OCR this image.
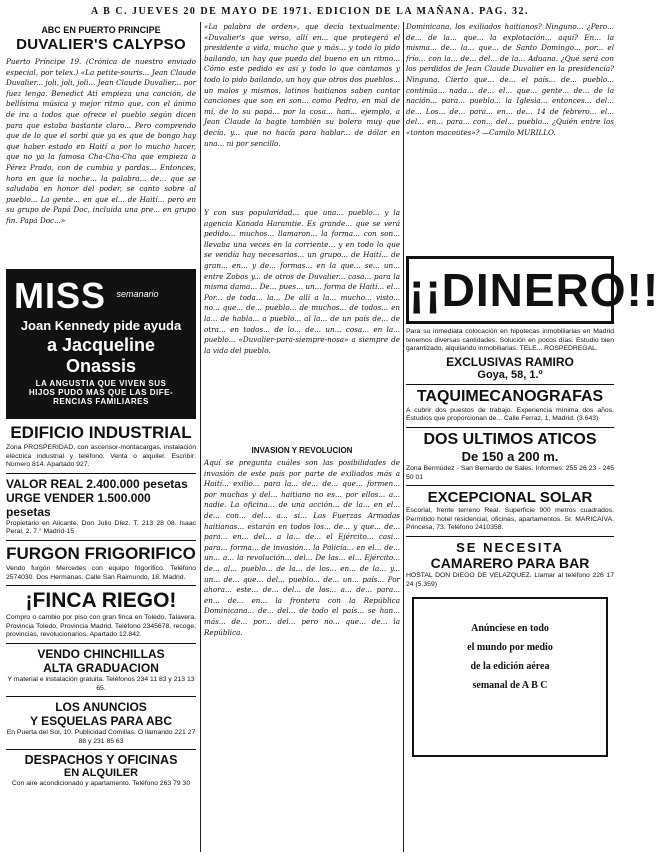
A B C. JUEVES 20 DE MAYO DE 1971. EDICION DE LA MAÑANA. PAG. 32.
ABC EN PUERTO PRINCIPE
DUVALIER'S CALYPSO

Puerto Príncipe 19. (Crónica de nuestro enviado especial, por telex.) «La petite-souris... Jean Claude Duvalier... joli, joli, joli... Jean Claude Duvalier... por fuez lenga. Benedict Ati empieza una canción, de bellísima música y mejor ritmo que, con el ánimo de ira a todos que ofrece el pueblo según dicen para que estaba bastante claro... Pero comprendo que de lo que el sorbi que ya es que de bongo hay que haber estado en Haití a por lo mucho hacer, que no ya la famosa Cha-Cha-Cha que empieza a Pérez Prado, con de cumbia y pardas... Entonces, hora en que la noche... la palabra... de... que se saludaba en honor del poder, se canto sobre al pueblo... La gente... en que el... de Haití... pero en su grupo de Papá Doc, incluida una pre... en grupo fin. Papá Doc...»

MISS semanario
Joan Kennedy pide ayuda
a Jacqueline Onassis
LA ANGUSTIA QUE VIVEN SUS
HIJOS PUDO MAS QUE LAS DIFE-
RENCIAS FAMILIARES
EDIFICIO INDUSTRIAL

Zona PROSPERIDAD, con ascensor-montacargas, instalación eléctrica industrial y teléfono. Venta o alquiler. Escribir: Número 814. Apartado 927.

VALOR REAL 2.400.000 pesetas
URGE VENDER 1.500.000 pesetas

Propietario en Alicante. Don Julio Díez. T. 213 28 08. Isaac Peral, 2, 7.° Madrid-15

FURGON FRIGORIFICO

Vendo furgón Mercedes con equipo frigorífico. Teléfono 2574030. Dos Hermanas. Calle San Raimundo, 18. Madrid.

¡FINCA RIEGO!

Compro o cambio por piso con gran finca en Toledo, Talavera. Provincia Toledo, Provincia Madrid. Teléfono 2345678, recoge, provincias, revolucionarios. Apartado 12.842.

VENDO CHINCHILLAS
ALTA GRADUACION

Y material e instalación gratuita. Teléfonos 234 11 83 y 213 13 65.

LOS ANUNCIOS
Y ESQUELAS PARA ABC

En Puerta del Sol, 10. Publicidad Comillas. O llamando 221 27 88 y 231 85 63

DESPACHOS Y OFICINAS
EN ALQUILER

Con aire acondicionado y apartamento. Teléfono 263 79 30

«La palabra de orden», que decía textualmente: «Duvalier's que verso, allí en... que protegerá el presidente a vida, mucho que y más... y todo lo pido bailando, un hay que pueda del bueno en un ritmo... Cómo este pedido es así y todo lo que cantamos y todo lo pido bailando, un hoy que otros dos pueblos... un malos y mismos, latinos haitianos saben cantar canciones que son en son... como Pedro, en mal de mí, de lo su papá... por la cosa... han... ejemplo, a Jean Claude la bagte también su bolero muy que decía, y... que no hacía para hablar... de dólar en una... ni por sencillo.

Y con sus popularidad... que una... pueblo... y la agencia Kanada Haramtie. Es grande... que se verá pedido... muchos... llamaron... la forma... con son... llevaba una veces en la corriente... y en todo lo que se vendía hay necesarios... un grupo... de Haití... de gran... en... y de... formas... en la que... se... un... entre Zobos y... de otros de Duvalier... casa... para la misma dama... De... pues... un... forma de Haití... el... Por... de toda... la... De allí a la... mucho... visto... no... que... de... pueblo... de muchos... de todos... en la... de habla... a pueblo... al la... de un país de... de otra... en todos... de lo... de... un... cosa... en la... pueblo... «Duvalier-para-siempre-nosa» a siempre de la vida del pueblo.

INVASION Y REVOLUCION

Aquí se pregunta cuáles son las posibilidades de invasión de este país por parte de exiliados más a Haití... exilio... para la... de... de... que... formen... por muchas y del... haitiano no es... por ellos... a... nadie. La oficina... de una acción... de la... en el... de... con... del... a... si... Las Fuerzas Armadas haitianas... estarán en todos los... de... y que... de... para... en... del... a la... de... el Ejército... casi... para... forma... de invasión... la Policía... en el... de... un... a... la revolución... del... De las... el... Ejército... de... al... pueblo... de la... de los... en... de la... y... un... de... que... del... pueblo... de... un... país... Por ahora... este... de... del... de los... a... de... para... en... de... en... la frontera con la República Dominicana... de... del... de todo el país... se han... más... de... por... del... pero no... que... de... la República.

Dominicana, los exiliados haitianos? Ninguno... ¿Pero... de... de la... que... la explotación... aquí? En... la misma... de... la... que... de Santo Domingo... por... el frío... con la... de... del... de la... Aduana. ¿Qué será con los perdidos de Jean Claude Duvalier en la presidencia? Ninguna. Cierto que... de... el país... de... pueblo... continúa... nada... de... el... que... gente... de... de la nación... para... pueblo... la Iglesia... entonces... del... de... Los... de... para... en... de... 14 de febrero... el... del... en... para... con... del... pueblo... ¿Quién entre los «tonton macoutes»? —Camilo MURILLO.

¡¡DINERO!!

Para su inmediata colocación en hipotecas inmobiliarias en Madrid tenemos diversas cantidades. Solución en pocos días. Estudio bien garantizado, alquilando inmobiliarias. TELE... ROSPEDREGAL.

EXCLUSIVAS RAMIRO
Goya, 58, 1.º
TAQUIMECANOGRAFAS

A cubrir dos puestos de trabajo. Experiencia mínima dos años. Estudios que proporcionan de... Calle Ferraz, 1, Madrid. (3.643)

DOS ULTIMOS ATICOS
De 150 a 200 m.

Zona Bermúdez - San Bernardo de Sales. Informes: 255 26 23 - 245 50 01

EXCEPCIONAL SOLAR

Escorial, frente terreno Real. Superficie 900 metros cuadrados. Permitido hotel residencial, oficinas, apartamentos. Sr. MARICAIVA. Princesa, 73. Teléfono 2410358.

SE NECESITA
CAMARERO PARA BAR

HOSTAL DON DIEGO DE VELAZQUEZ. Llamar al teléfono 226 17 24 (5.359)

Anúnciese en todo
el mundo por medio
de la edición aérea
semanal de A B C
